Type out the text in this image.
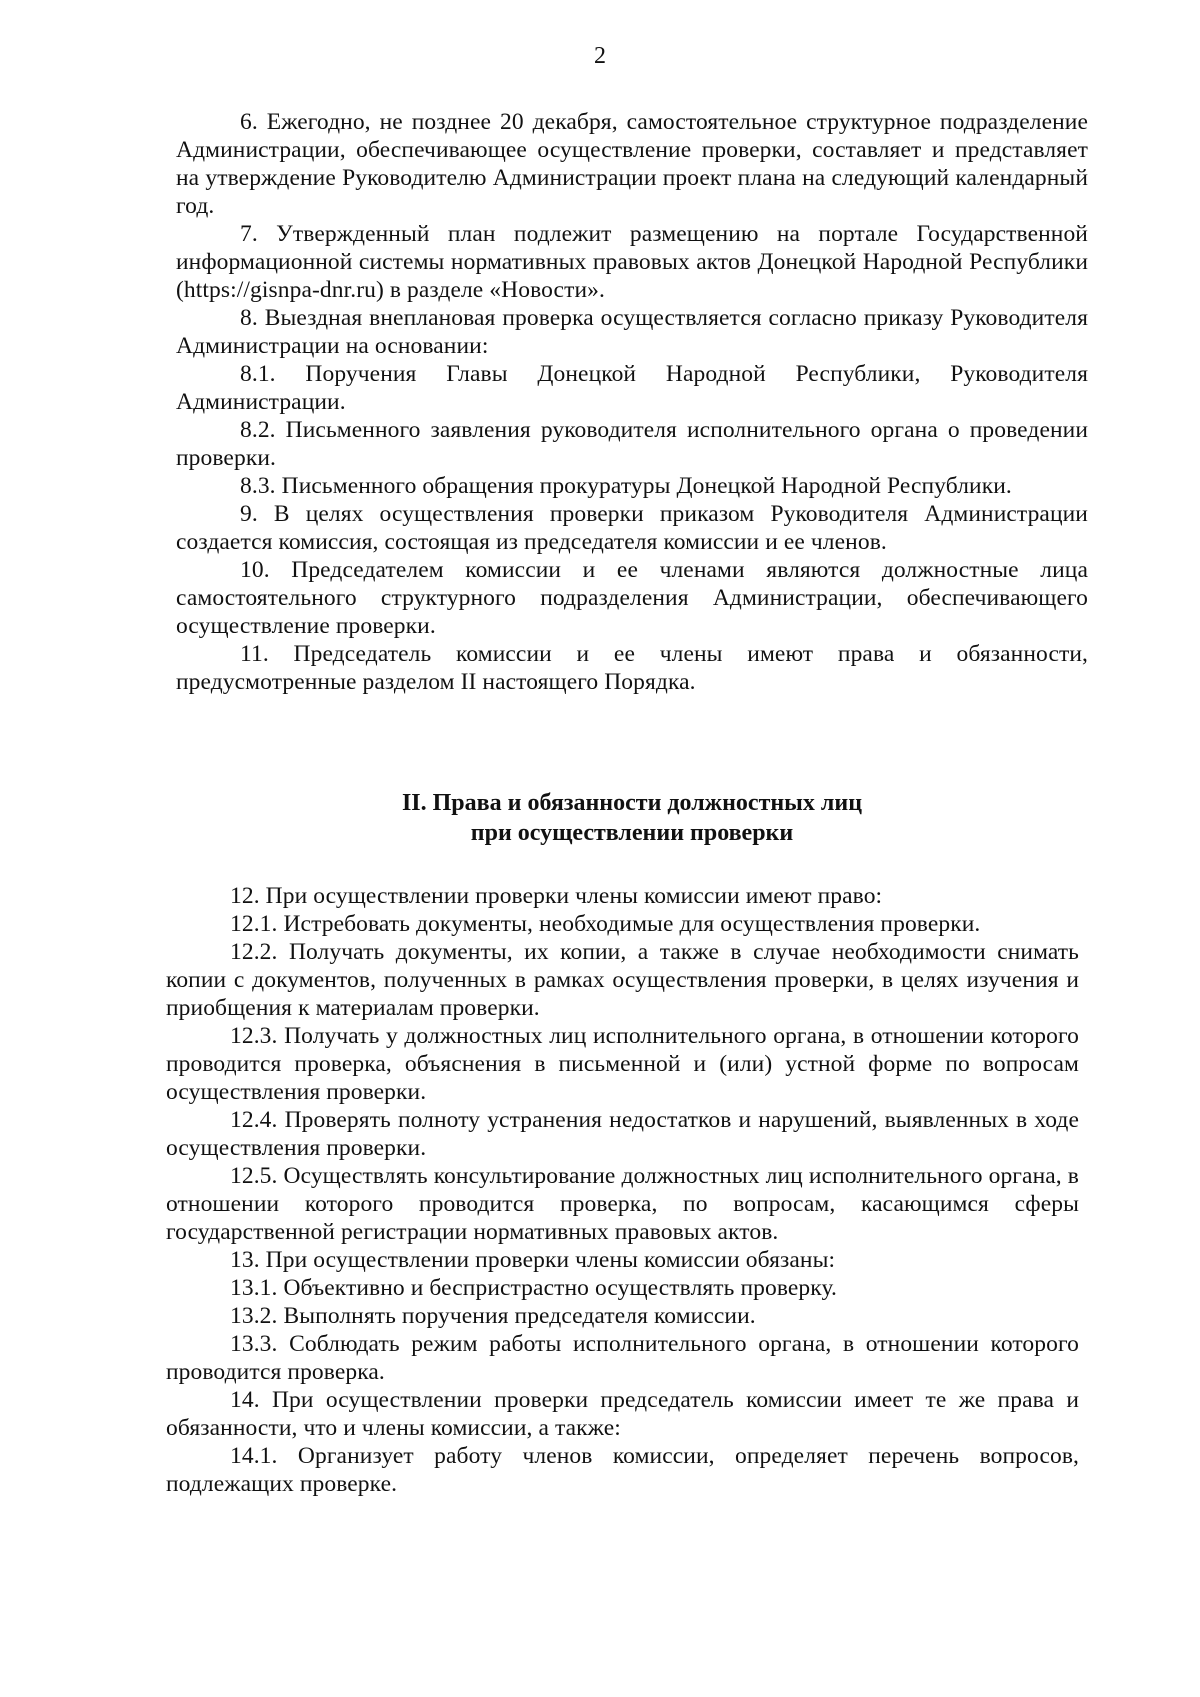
2

6. Ежегодно, не позднее 20 декабря, самостоятельное структурное подразделение Администрации, обеспечивающее осуществление проверки, составляет и представляет на утверждение Руководителю Администрации проект плана на следующий календарный год.

7. Утвержденный план подлежит размещению на портале Государственной информационной системы нормативных правовых актов Донецкой Народной Республики (https://gisnpa-dnr.ru) в разделе «Новости».

8. Выездная внеплановая проверка осуществляется согласно приказу Руководителя Администрации на основании:

8.1. Поручения Главы Донецкой Народной Республики, Руководителя Администрации.

8.2. Письменного заявления руководителя исполнительного органа о проведении проверки.

8.3. Письменного обращения прокуратуры Донецкой Народной Республики.

9. В целях осуществления проверки приказом Руководителя Администрации создается комиссия, состоящая из председателя комиссии и ее членов.

10. Председателем комиссии и ее членами являются должностные лица самостоятельного структурного подразделения Администрации, обеспечивающего осуществление проверки.

11. Председатель комиссии и ее члены имеют права и обязанности, предусмотренные разделом II настоящего Порядка.

II. Права и обязанности должностных лиц
при осуществлении проверки

12. При осуществлении проверки члены комиссии имеют право:

12.1. Истребовать документы, необходимые для осуществления проверки.

12.2. Получать документы, их копии, а также в случае необходимости снимать копии с документов, полученных в рамках осуществления проверки, в целях изучения и приобщения к материалам проверки.

12.3. Получать у должностных лиц исполнительного органа, в отношении которого проводится проверка, объяснения в письменной и (или) устной форме по вопросам осуществления проверки.

12.4. Проверять полноту устранения недостатков и нарушений, выявленных в ходе осуществления проверки.

12.5. Осуществлять консультирование должностных лиц исполнительного органа, в отношении которого проводится проверка, по вопросам, касающимся сферы государственной регистрации нормативных правовых актов.

13. При осуществлении проверки члены комиссии обязаны:

13.1. Объективно и беспристрастно осуществлять проверку.

13.2. Выполнять поручения председателя комиссии.

13.3. Соблюдать режим работы исполнительного органа, в отношении которого проводится проверка.

14. При осуществлении проверки председатель комиссии имеет те же права и обязанности, что и члены комиссии, а также:

14.1. Организует работу членов комиссии, определяет перечень вопросов, подлежащих проверке.
